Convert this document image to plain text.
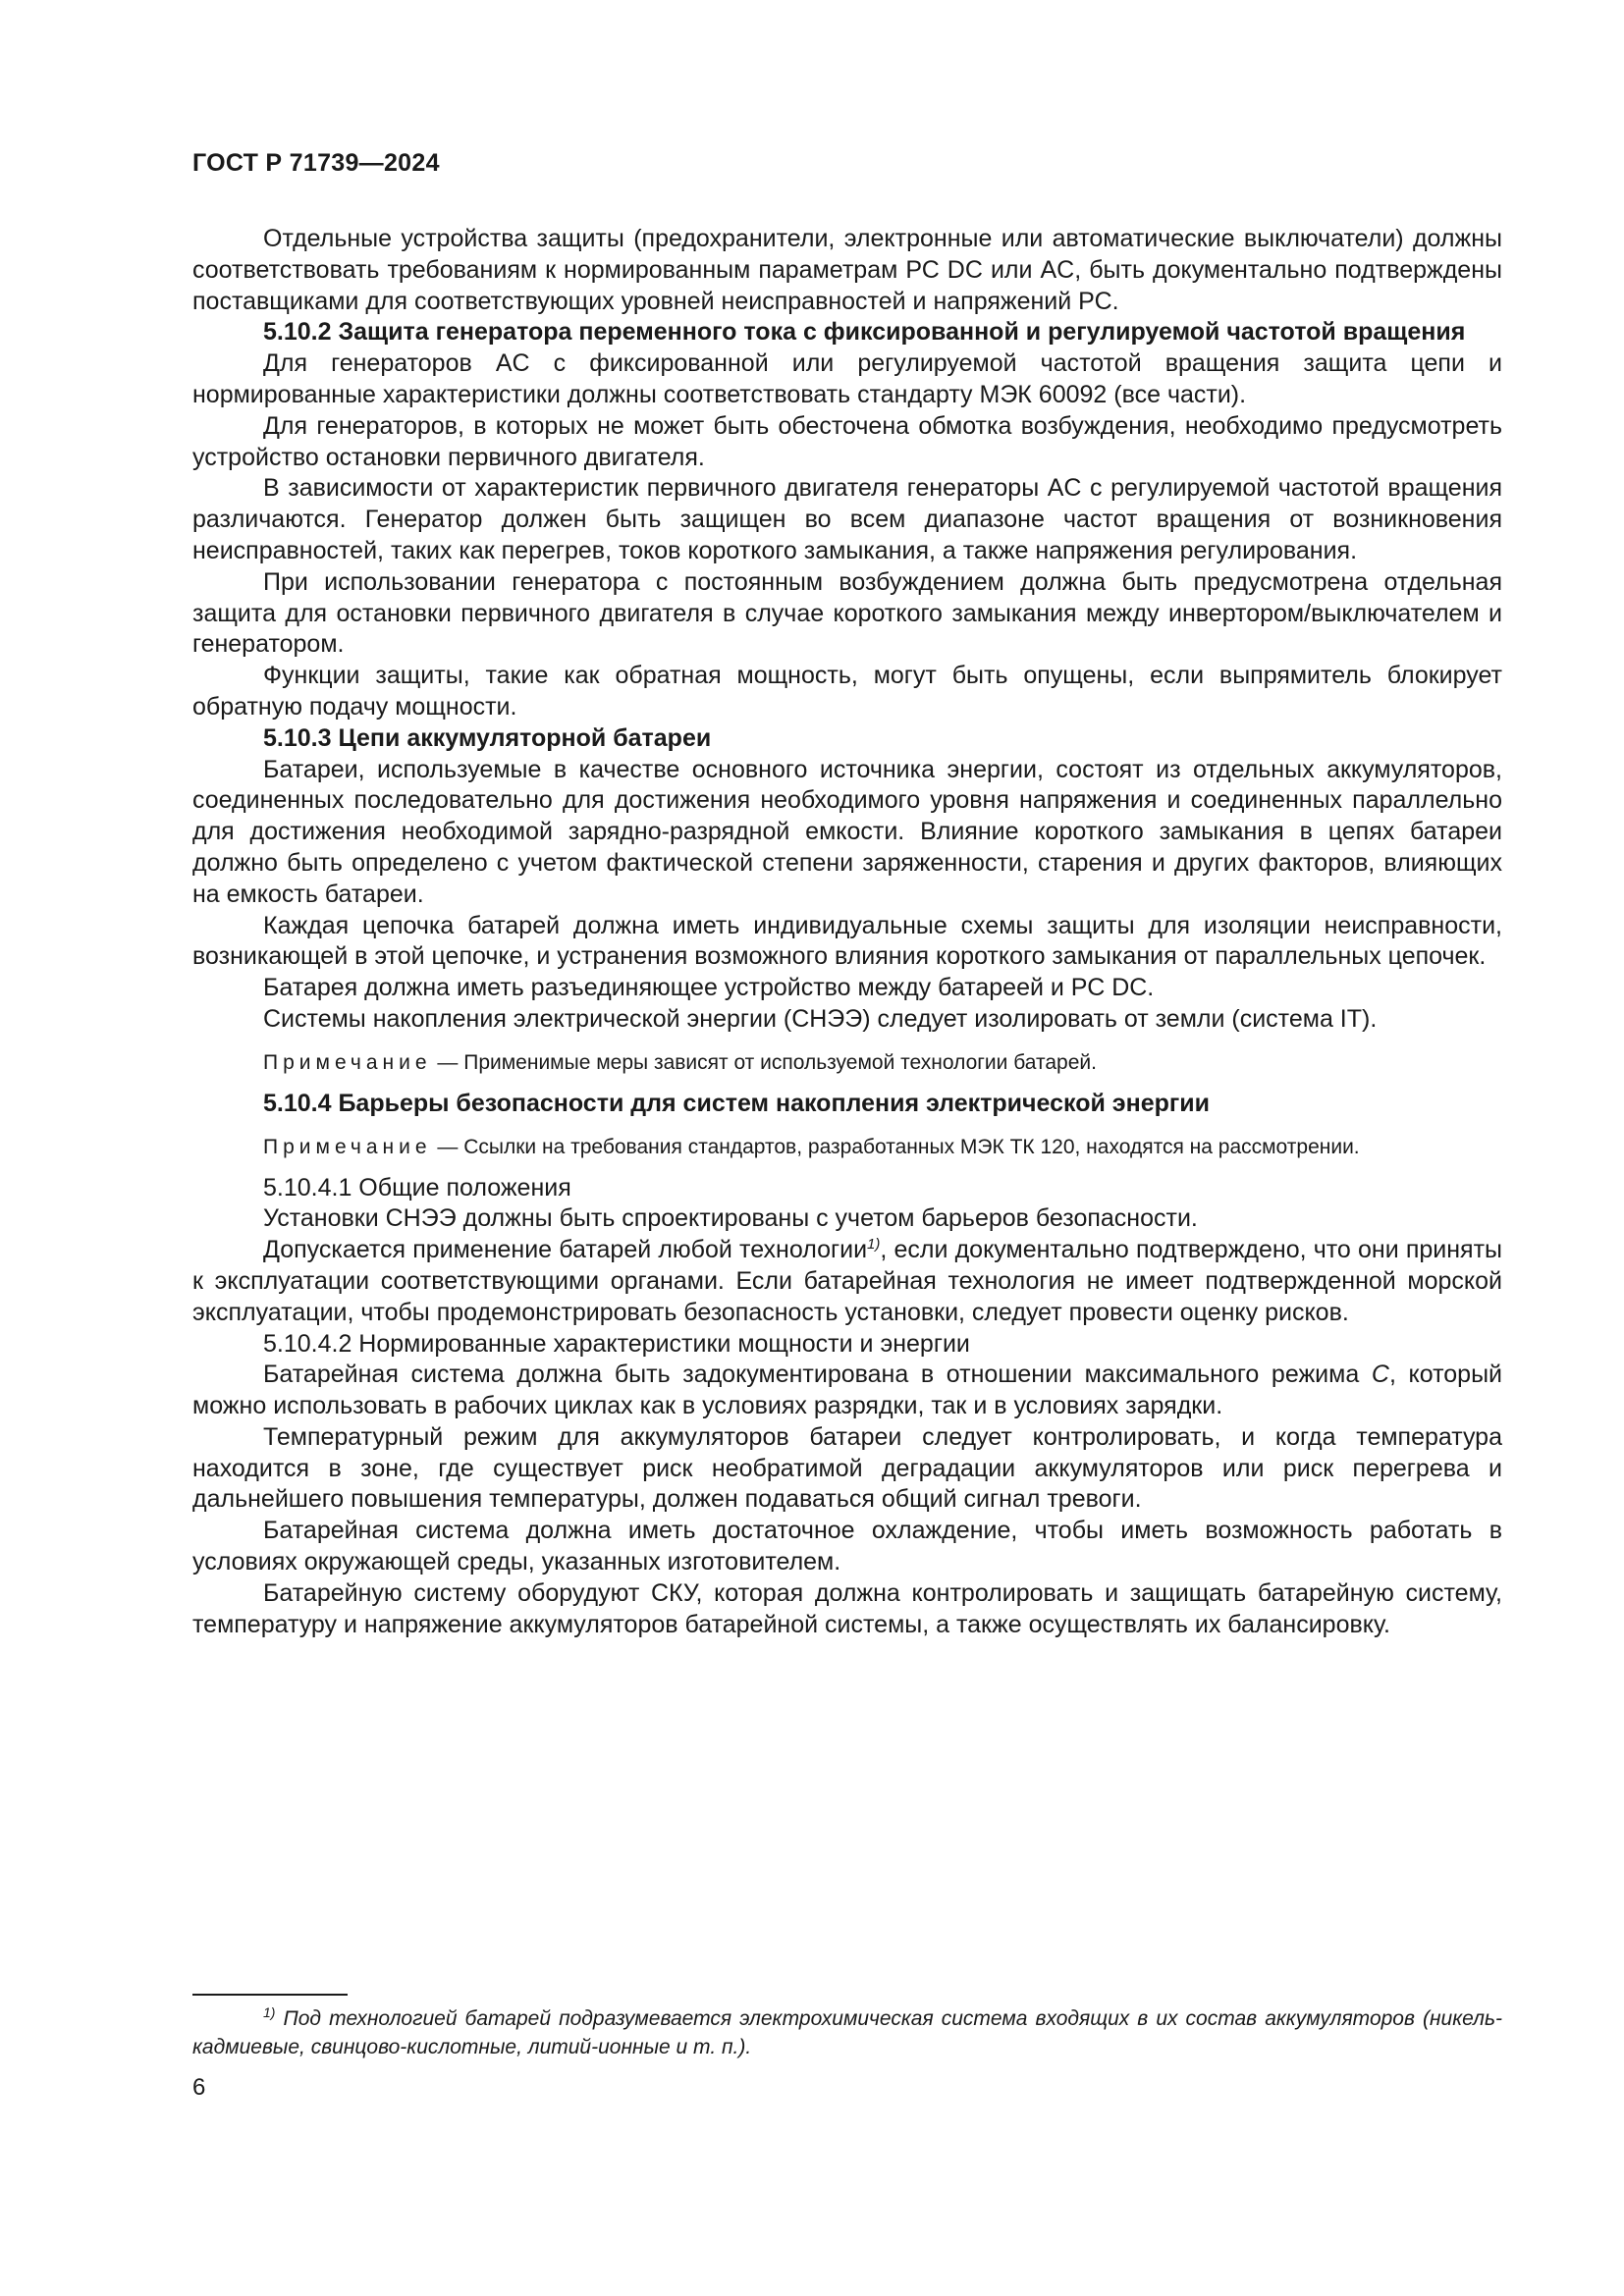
ГОСТ Р 71739—2024

Отдельные устройства защиты (предохранители, электронные или автоматические выключатели) должны соответствовать требованиям к нормированным параметрам РС DC или AC, быть документально подтверждены поставщиками для соответствующих уровней неисправностей и напряжений РС.

5.10.2 Защита генератора переменного тока с фиксированной и регулируемой частотой вращения

Для генераторов AC с фиксированной или регулируемой частотой вращения защита цепи и нормированные характеристики должны соответствовать стандарту МЭК 60092 (все части).

Для генераторов, в которых не может быть обесточена обмотка возбуждения, необходимо предусмотреть устройство остановки первичного двигателя.

В зависимости от характеристик первичного двигателя генераторы AC с регулируемой частотой вращения различаются. Генератор должен быть защищен во всем диапазоне частот вращения от возникновения неисправностей, таких как перегрев, токов короткого замыкания, а также напряжения регулирования.

При использовании генератора с постоянным возбуждением должна быть предусмотрена отдельная защита для остановки первичного двигателя в случае короткого замыкания между инвертором/выключателем и генератором.

Функции защиты, такие как обратная мощность, могут быть опущены, если выпрямитель блокирует обратную подачу мощности.

5.10.3 Цепи аккумуляторной батареи

Батареи, используемые в качестве основного источника энергии, состоят из отдельных аккумуляторов, соединенных последовательно для достижения необходимого уровня напряжения и соединенных параллельно для достижения необходимой зарядно-разрядной емкости. Влияние короткого замыкания в цепях батареи должно быть определено с учетом фактической степени заряженности, старения и других факторов, влияющих на емкость батареи.

Каждая цепочка батарей должна иметь индивидуальные схемы защиты для изоляции неисправности, возникающей в этой цепочке, и устранения возможного влияния короткого замыкания от параллельных цепочек.

Батарея должна иметь разъединяющее устройство между батареей и РС DC.

Системы накопления электрической энергии (СНЭЭ) следует изолировать от земли (система IT).

Примечание — Применимые меры зависят от используемой технологии батарей.

5.10.4 Барьеры безопасности для систем накопления электрической энергии

Примечание — Ссылки на требования стандартов, разработанных МЭК ТК 120, находятся на рассмотрении.

5.10.4.1 Общие положения

Установки СНЭЭ должны быть спроектированы с учетом барьеров безопасности.

Допускается применение батарей любой технологии$^{1)}$, если документально подтверждено, что они приняты к эксплуатации соответствующими органами. Если батарейная технология не имеет подтвержденной морской эксплуатации, чтобы продемонстрировать безопасность установки, следует провести оценку рисков.

5.10.4.2 Нормированные характеристики мощности и энергии

Батарейная система должна быть задокументирована в отношении максимального режима C, который можно использовать в рабочих циклах как в условиях разрядки, так и в условиях зарядки.

Температурный режим для аккумуляторов батареи следует контролировать, и когда температура находится в зоне, где существует риск необратимой деградации аккумуляторов или риск перегрева и дальнейшего повышения температуры, должен подаваться общий сигнал тревоги.

Батарейная система должна иметь достаточное охлаждение, чтобы иметь возможность работать в условиях окружающей среды, указанных изготовителем.

Батарейную систему оборудуют СКУ, которая должна контролировать и защищать батарейную систему, температуру и напряжение аккумуляторов батарейной системы, а также осуществлять их балансировку.

$^{1)}$ Под технологией батарей подразумевается электрохимическая система входящих в их состав аккумуляторов (никель-кадмиевые, свинцово-кислотные, литий-ионные и т. п.).
6
